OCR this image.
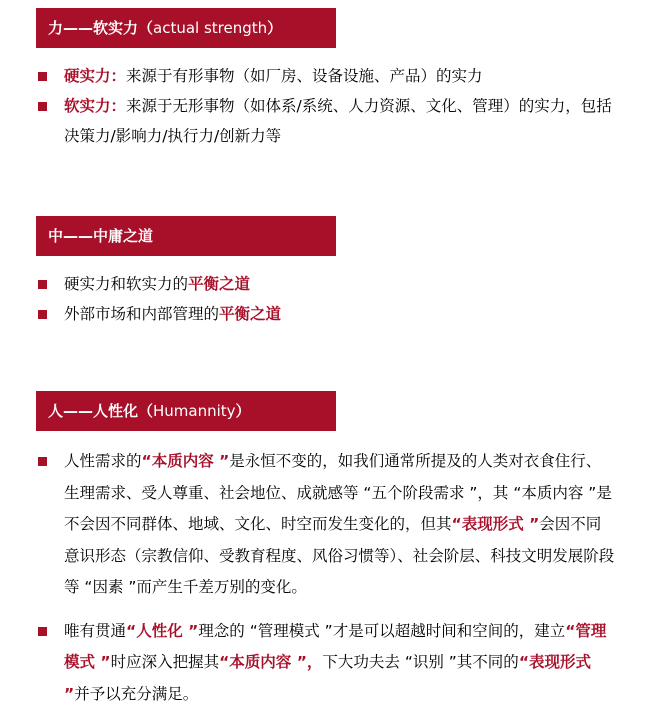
力——软实力（actual strength）
硬实力：来源于有形事物（如厂房、设备设施、产品）的实力
软实力：来源于无形事物（如体系/系统、人力资源、文化、管理）的实力，包括决策力/影响力/执行力/创新力等
中——中庸之道
硬实力和软实力的平衡之道
外部市场和内部管理的平衡之道
人——人性化（Humannity）
人性需求的“本质内容 ”是永恒不变的，如我们通常所提及的人类对衣食住行、生理需求、受人尊重、社会地位、成就感等 “五个阶段需求 ”，其 “本质内容 ”是不会因不同群体、地域、文化、时空而发生变化的，但其“表现形式 ”会因不同意识形态（宗教信仰、受教育程度、风俗习惯等）、社会阶层、科技文明发展阶段等 “因素 ”而产生千差万别的变化。
唯有贯通“人性化 ”理念的 “管理模式 ”才是可以超越时间和空间的，建立“管理模式 ”时应深入把握其“本质内容 ”，下大功夫去 “识别 ”其不同的“表现形式 ”并予以充分满足。
